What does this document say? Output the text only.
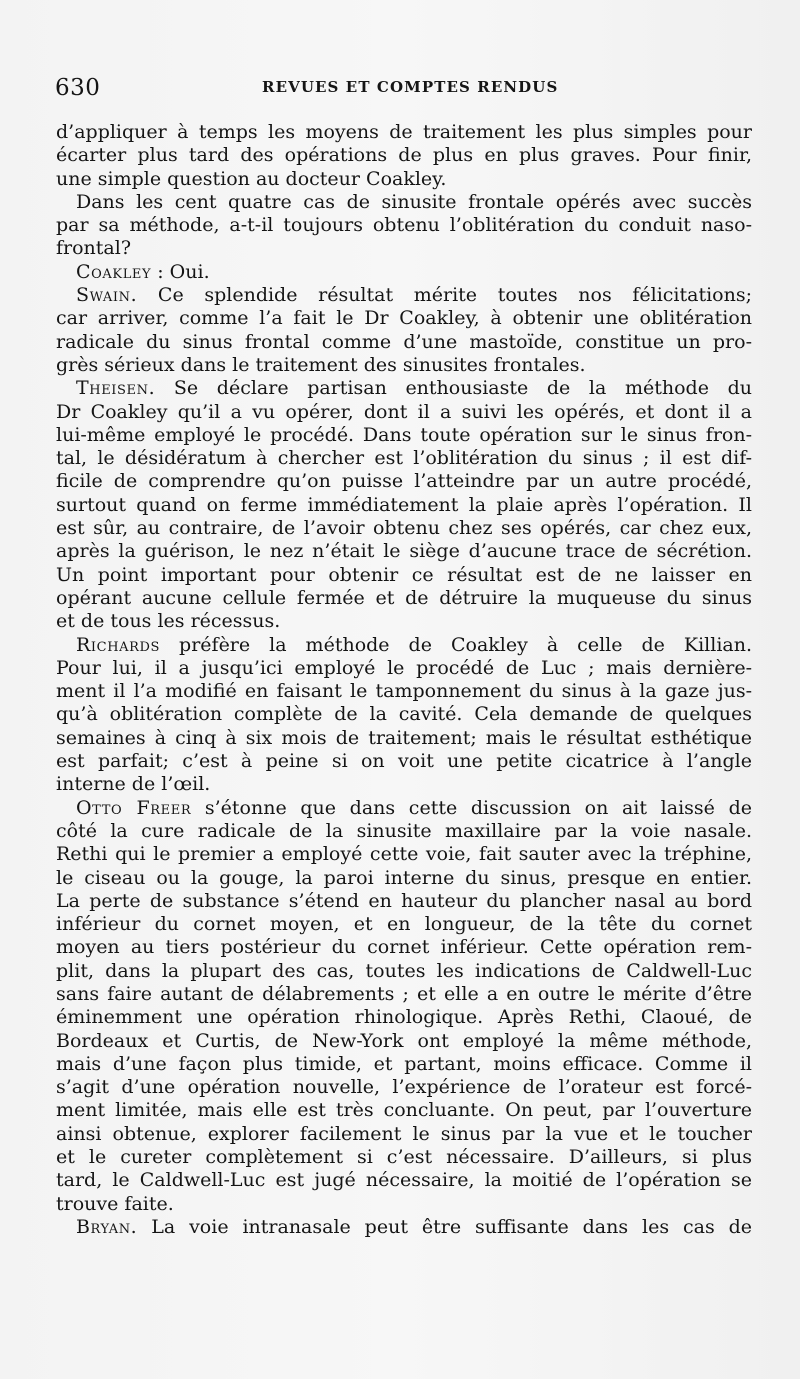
630	REVUES ET COMPTES RENDUS
d’appliquer à temps les moyens de traitement les plus simples pour
écarter plus tard des opérations de plus en plus graves. Pour finir,
une simple question au docteur Coakley.
Dans les cent quatre cas de sinusite frontale opérés avec succès
par sa méthode, a-t-il toujours obtenu l’oblitération du conduit naso-
frontal?
Coakley : Oui.
Swain. Ce splendide résultat mérite toutes nos félicitations;
car arriver, comme l’a fait le Dr Coakley, à obtenir une oblitération
radicale du sinus frontal comme d’une mastoïde, constitue un pro-
grès sérieux dans le traitement des sinusites frontales.
Theisen. Se déclare partisan enthousiaste de la méthode du
Dr Coakley qu’il a vu opérer, dont il a suivi les opérés, et dont il a
lui-même employé le procédé. Dans toute opération sur le sinus fron-
tal, le désidératum à chercher est l’oblitération du sinus ; il est dif-
ficile de comprendre qu’on puisse l’atteindre par un autre procédé,
surtout quand on ferme immédiatement la plaie après l’opération. Il
est sûr, au contraire, de l’avoir obtenu chez ses opérés, car chez eux,
après la guérison, le nez n’était le siège d’aucune trace de sécrétion.
Un point important pour obtenir ce résultat est de ne laisser en
opérant aucune cellule fermée et de détruire la muqueuse du sinus
et de tous les récessus.
Richards préfère la méthode de Coakley à celle de Killian.
Pour lui, il a jusqu’ici employé le procédé de Luc ; mais dernière-
ment il l’a modifié en faisant le tamponnement du sinus à la gaze jus-
qu’à oblitération complète de la cavité. Cela demande de quelques
semaines à cinq à six mois de traitement; mais le résultat esthétique
est parfait; c’est à peine si on voit une petite cicatrice à l’angle
interne de l’œil.
Otto Freer s’étonne que dans cette discussion on ait laissé de
côté la cure radicale de la sinusite maxillaire par la voie nasale.
Rethi qui le premier a employé cette voie, fait sauter avec la tréphine,
le ciseau ou la gouge, la paroi interne du sinus, presque en entier.
La perte de substance s’étend en hauteur du plancher nasal au bord
inférieur du cornet moyen, et en longueur, de la tête du cornet
moyen au tiers postérieur du cornet inférieur. Cette opération rem-
plit, dans la plupart des cas, toutes les indications de Caldwell-Luc
sans faire autant de délabrements ; et elle a en outre le mérite d’être
éminemment une opération rhinologique. Après Rethi, Claoué, de
Bordeaux et Curtis, de New-York ont employé la même méthode,
mais d’une façon plus timide, et partant, moins efficace. Comme il
s’agit d’une opération nouvelle, l’expérience de l’orateur est forcé-
ment limitée, mais elle est très concluante. On peut, par l’ouverture
ainsi obtenue, explorer facilement le sinus par la vue et le toucher
et le cureter complètement si c’est nécessaire. D’ailleurs, si plus
tard, le Caldwell-Luc est jugé nécessaire, la moitié de l’opération se
trouve faite.
Bryan. La voie intranasale peut être suffisante dans les cas de
